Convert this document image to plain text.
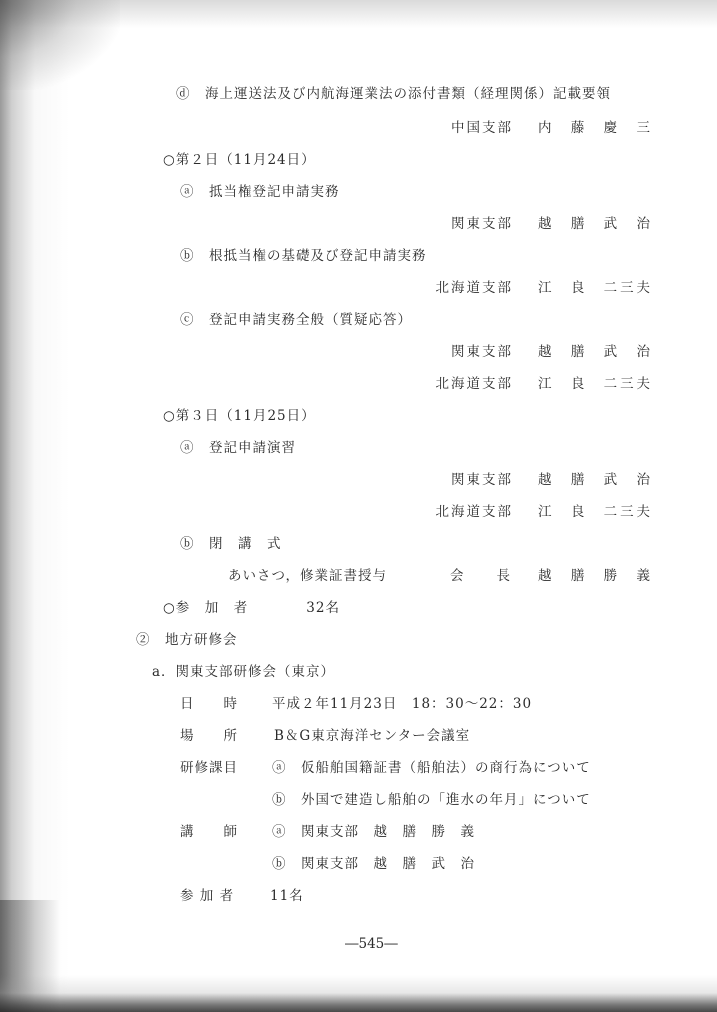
ⓓ　海上運送法及び内航海運業法の添付書類（経理関係）記載要領
中国支部 内　藤　慶　三
○第２日（11月24日）
ⓐ　抵当権登記申請実務
関東支部 越　膳　武　治
ⓑ　根抵当権の基礎及び登記申請実務
北海道支部 江　良　二三夫
ⓒ　登記申請実務全般（質疑応答）
関東支部 越　膳　武　治
北海道支部 江　良　二三夫
○第３日（11月25日）
ⓐ　登記申請演習
関東支部 越　膳　武　治
北海道支部 江　良　二三夫
ⓑ　閉　講　式
あいさつ，修業証書授与	会　　長 越　膳　勝　義
○参　加　者　　　　32名
②　地方研修会
a．関東支部研修会（東京）
日　　時	平成２年11月23日　18：30～22：30
場　　所	B＆G東京海洋センター会議室
研修課目	ⓐ　仮船舶国籍証書（船舶法）の商行為について
ⓑ　外国で建造し船舶の「進水の年月」について
講　　師	ⓐ　関東支部　越　膳　勝　義
ⓑ　関東支部　越　膳　武　治
参 加 者	11名
―545―
